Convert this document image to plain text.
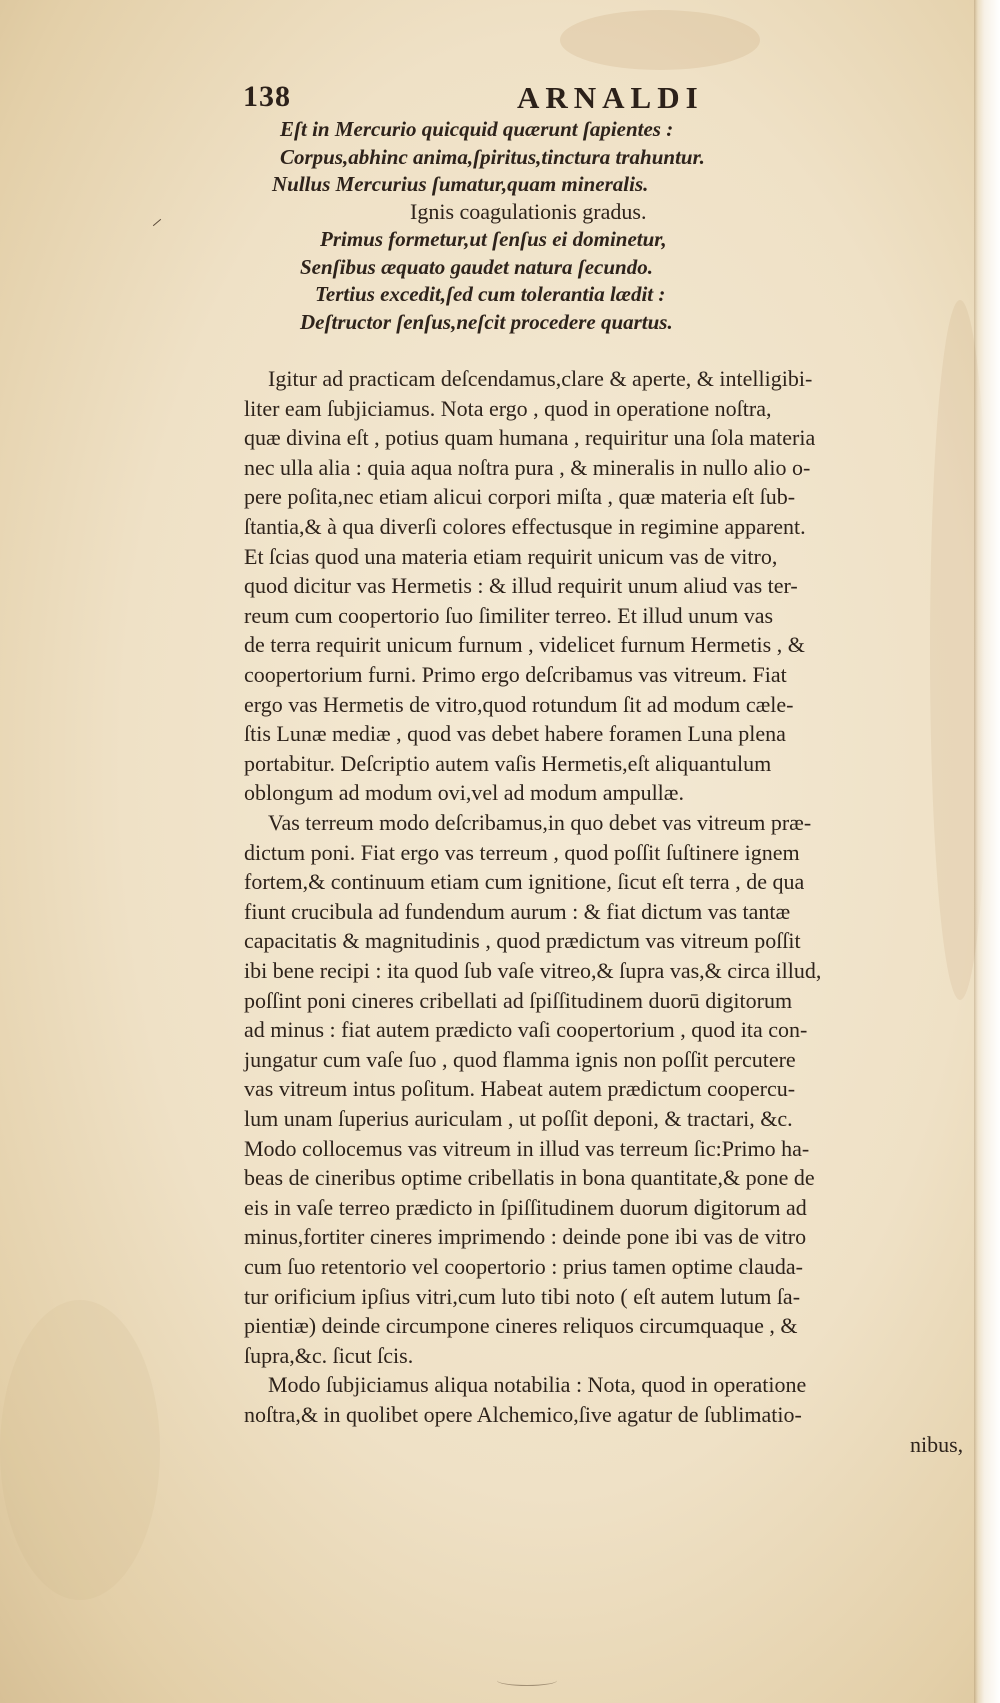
138	ARNALDI
Eſt in Mercurio quicquid quærunt ſapientes :
Corpus,abhinc anima,ſpiritus,tinctura trahuntur.
Nullus Mercurius ſumatur,quam mineralis.
Ignis coagulationis gradus.
Primus formetur,ut ſenſus ei dominetur,
Senſibus æquato gaudet natura ſecundo.
Tertius excedit,ſed cum tolerantia lædit :
Deſtructor ſenſus,neſcit procedere quartus.
Igitur ad practicam deſcendamus,clare & aperte, & intelligibi-
liter eam ſubjiciamus. Nota ergo , quod in operatione noſtra,
quæ divina eſt , potius quam humana , requiritur una ſola materia
nec ulla alia : quia aqua noſtra pura , & mineralis in nullo alio o-
pere poſita,nec etiam alicui corpori miſta , quæ materia eſt ſub-
ſtantia,& à qua diverſi colores effectusque in regimine apparent.
Et ſcias quod una materia etiam requirit unicum vas de vitro,
quod dicitur vas Hermetis : & illud requirit unum aliud vas ter-
reum cum coopertorio ſuo ſimiliter terreo. Et illud unum vas
de terra requirit unicum furnum , videlicet furnum Hermetis , &
coopertorium furni. Primo ergo deſcribamus vas vitreum. Fiat
ergo vas Hermetis de vitro,quod rotundum ſit ad modum cæle-
ſtis Lunæ mediæ , quod vas debet habere foramen Luna plena
portabitur. Deſcriptio autem vaſis Hermetis,eſt aliquantulum
oblongum ad modum ovi,vel ad modum ampullæ.
Vas terreum modo deſcribamus,in quo debet vas vitreum præ-
dictum poni. Fiat ergo vas terreum , quod poſſit ſuſtinere ignem
fortem,& continuum etiam cum ignitione, ſicut eſt terra , de qua
fiunt crucibula ad fundendum aurum : & fiat dictum vas tantæ
capacitatis & magnitudinis , quod prædictum vas vitreum poſſit
ibi bene recipi : ita quod ſub vaſe vitreo,& ſupra vas,& circa illud,
poſſint poni cineres cribellati ad ſpiſſitudinem duorū digitorum
ad minus : fiat autem prædicto vaſi coopertorium , quod ita con-
jungatur cum vaſe ſuo , quod flamma ignis non poſſit percutere
vas vitreum intus poſitum. Habeat autem prædictum coopercu-
lum unam ſuperius auriculam , ut poſſit deponi, & tractari, &c.
Modo collocemus vas vitreum in illud vas terreum ſic:Primo ha-
beas de cineribus optime cribellatis in bona quantitate,& pone de
eis in vaſe terreo prædicto in ſpiſſitudinem duorum digitorum ad
minus,fortiter cineres imprimendo : deinde pone ibi vas de vitro
cum ſuo retentorio vel coopertorio : prius tamen optime clauda-
tur orificium ipſius vitri,cum luto tibi noto ( eſt autem lutum ſa-
pientiæ) deinde circumpone cineres reliquos circumquaque , &
ſupra,&c. ſicut ſcis.
Modo ſubjiciamus aliqua notabilia : Nota, quod in operatione
noſtra,& in quolibet opere Alchemico,ſive agatur de ſublimatio-
nibus,
